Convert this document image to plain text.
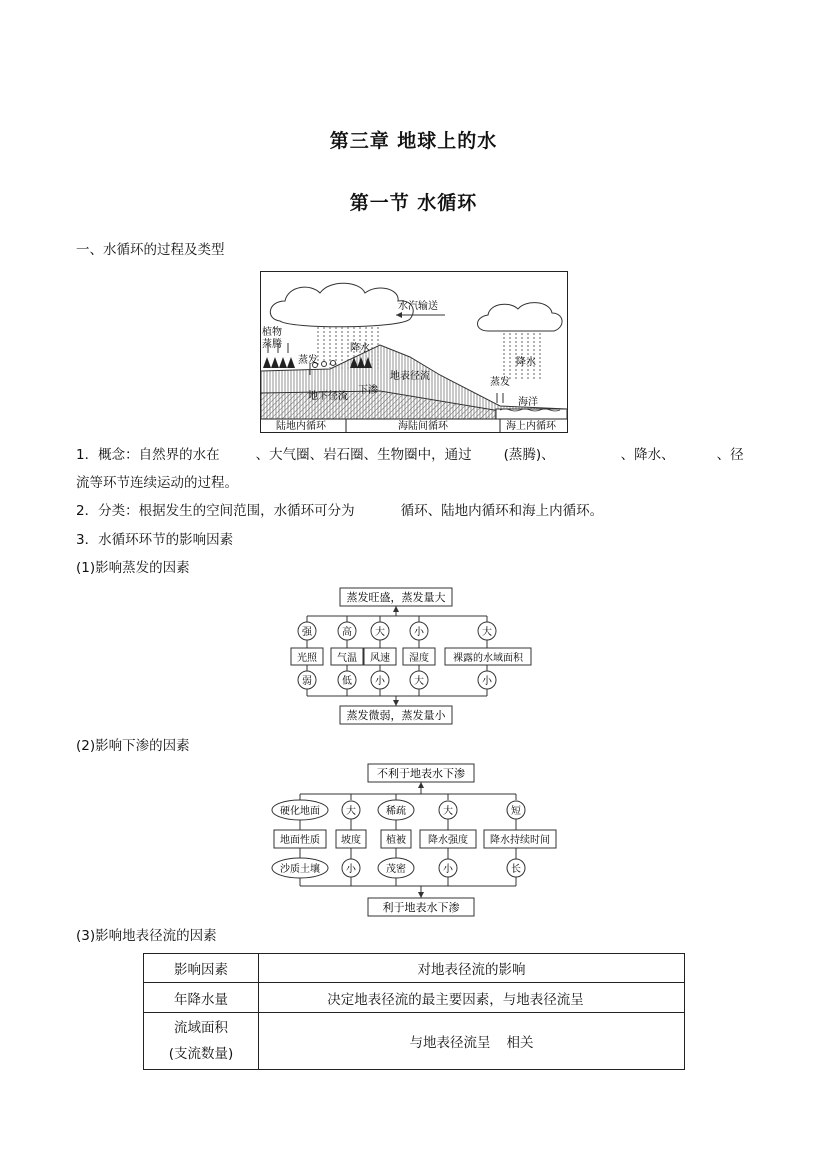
第三章 地球上的水
第一节 水循环
一、水循环的过程及类型
水汽输送
植物
蒸腾
蒸发
降水
地表径流
下渗
地下径流
蒸发
降水
海洋
陆地内循环	海陆间循环	海上内循环
1．概念：自然界的水在	、大气圈、岩石圈、生物圈中，通过 (蒸腾)、	、降水、	、径
流等环节连续运动的过程。
2．分类：根据发生的空间范围，水循环可分为	循环、陆地内循环和海上内循环。
3．水循环环节的影响因素
(1)影响蒸发的因素
蒸发旺盛，蒸发量大
强	高 大	小	大
光照 气温 风速 湿度 裸露的水域面积
弱	低 小	大	小
蒸发微弱，蒸发量小
(2)影响下渗的因素
不利于地表水下渗
硬化地面	大	稀疏	大	短
地面性质 坡度	植被 降水强度 降水持续时间
沙质土壤	小	茂密	小	长
利于地表水下渗
(3)影响地表径流的因素
影响因素	对地表径流的影响
年降水量	决定地表径流的最主要因素，与地表径流呈

流域面积
(支流数量)	与地表径流呈 相关
